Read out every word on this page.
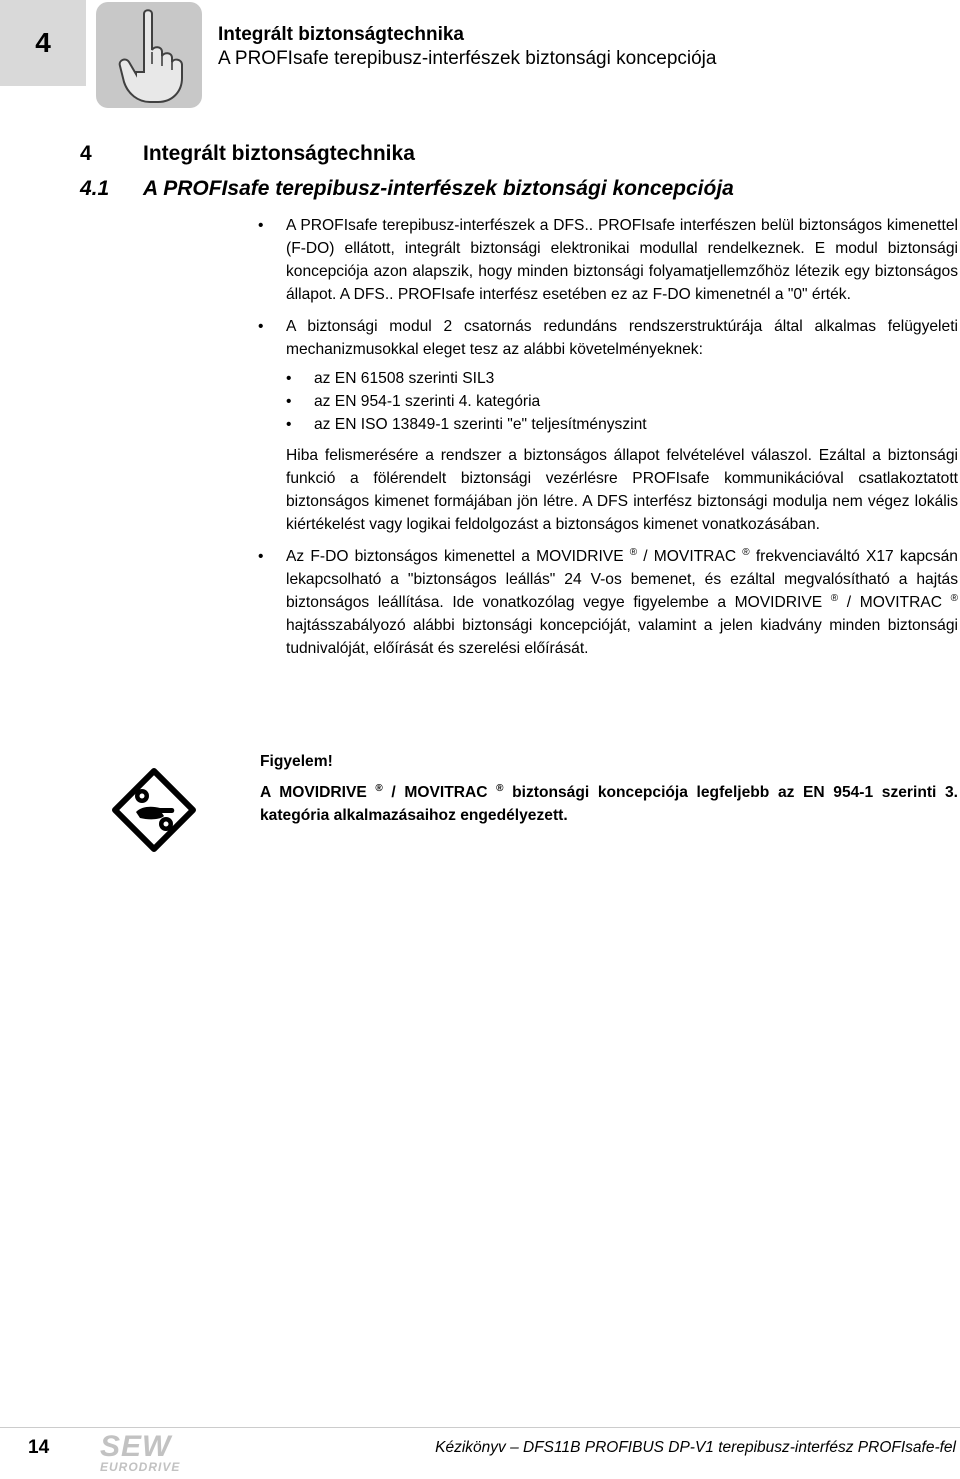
4	Integrált biztonságtechnika
A PROFIsafe terepibusz-interfészek biztonsági koncepciója
4 Integrált biztonságtechnika
4.1 A PROFIsafe terepibusz-interfészek biztonsági koncepciója
• A PROFIsafe terepibusz-interfészek a DFS.. PROFIsafe interfészen belül biztonságos kimenettel (F-DO) ellátott, integrált biztonsági elektronikai modullal rendelkeznek. E modul biztonsági koncepciója azon alapszik, hogy minden biztonsági folyamatjellemzőhöz létezik egy biztonságos állapot. A DFS.. PROFIsafe interfész esetében ez az F-DO kimenetnél a "0" érték.
• A biztonsági modul 2 csatornás redundáns rendszerstruktúrája által alkalmas felügyeleti mechanizmusokkal eleget tesz az alábbi követelményeknek:
• az EN 61508 szerinti SIL3
• az EN 954-1 szerinti 4. kategória
• az EN ISO 13849-1 szerinti "e" teljesítményszint
Hiba felismerésére a rendszer a biztonságos állapot felvételével válaszol. Ezáltal a biztonsági funkció a fölérendelt biztonsági vezérlésre PROFIsafe kommunikációval csatlakoztatott biztonságos kimenet formájában jön létre. A DFS interfész biztonsági modulja nem végez lokális kiértékelést vagy logikai feldolgozást a biztonságos kimenet vonatkozásában.
• Az F-DO biztonságos kimenettel a MOVIDRIVE ® / MOVITRAC ® frekvenciaváltó X17 kapcsán lekapcsolható a "biztonságos leállás" 24 V-os bemenet, és ezáltal megvalósítható a hajtás biztonságos leállítása. Ide vonatkozólag vegye figyelembe a MOVIDRIVE ® / MOVITRAC ® hajtásszabályozó alábbi biztonsági koncepcióját, valamint a jelen kiadvány minden biztonsági tudnivalóját, előírását és szerelési előírását.
Figyelem!
A MOVIDRIVE ® / MOVITRAC ® biztonsági koncepciója legfeljebb az EN 954-1 szerinti 3. kategória alkalmazásaihoz engedélyezett.
14 SEW
EURODRIVE
Kézikönyv – DFS11B PROFIBUS DP-V1 terepibusz-interfész PROFIsafe-fel
